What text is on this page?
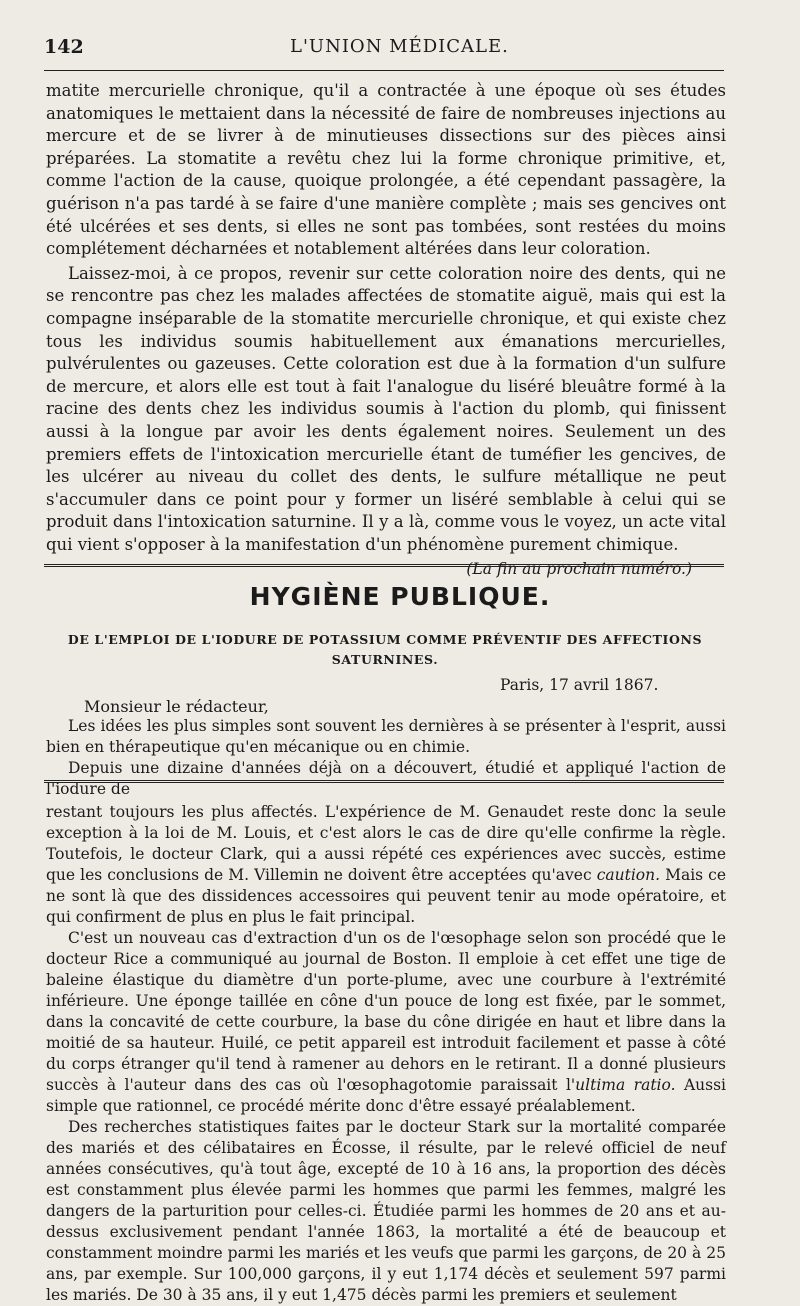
142	L'UNION MÉDICALE.

matite mercurielle chronique, qu'il a contractée à une époque où ses études anatomiques le mettaient dans la nécessité de faire de nombreuses injections au mercure et de se livrer à de minutieuses dissections sur des pièces ainsi préparées. La stomatite a revêtu chez lui la forme chronique primitive, et, comme l'action de la cause, quoique prolongée, a été cependant passagère, la guérison n'a pas tardé à se faire d'une manière complète ; mais ses gencives ont été ulcérées et ses dents, si elles ne sont pas tombées, sont restées du moins complétement décharnées et notablement altérées dans leur coloration.

Laissez-moi, à ce propos, revenir sur cette coloration noire des dents, qui ne se rencontre pas chez les malades affectées de stomatite aiguë, mais qui est la compagne inséparable de la stomatite mercurielle chronique, et qui existe chez tous les individus soumis habituellement aux émanations mercurielles, pulvérulentes ou gazeuses. Cette coloration est due à la formation d'un sulfure de mercure, et alors elle est tout à fait l'analogue du liséré bleuâtre formé à la racine des dents chez les individus soumis à l'action du plomb, qui finissent aussi à la longue par avoir les dents également noires. Seulement un des premiers effets de l'intoxication mercurielle étant de tuméfier les gencives, de les ulcérer au niveau du collet des dents, le sulfure métallique ne peut s'accumuler dans ce point pour y former un liséré semblable à celui qui se produit dans l'intoxication saturnine. Il y a là, comme vous le voyez, un acte vital qui vient s'opposer à la manifestation d'un phénomène purement chimique.

(La fin au prochain numéro.)

HYGIÈNE PUBLIQUE.
DE L'EMPLOI DE L'IODURE DE POTASSIUM COMME PRÉVENTIF DES AFFECTIONS SATURNINES.
Paris, 17 avril 1867.
Monsieur le rédacteur,

Les idées les plus simples sont souvent les dernières à se présenter à l'esprit, aussi bien en thérapeutique qu'en mécanique ou en chimie.

Depuis une dizaine d'années déjà on a découvert, étudié et appliqué l'action de l'iodure de

restant toujours les plus affectés. L'expérience de M. Genaudet reste donc la seule exception à la loi de M. Louis, et c'est alors le cas de dire qu'elle confirme la règle. Toutefois, le docteur Clark, qui a aussi répété ces expériences avec succès, estime que les conclusions de M. Villemin ne doivent être acceptées qu'avec caution. Mais ce ne sont là que des dissidences accessoires qui peuvent tenir au mode opératoire, et qui confirment de plus en plus le fait principal.

C'est un nouveau cas d'extraction d'un os de l'œsophage selon son procédé que le docteur Rice a communiqué au journal de Boston. Il emploie à cet effet une tige de baleine élastique du diamètre d'un porte-plume, avec une courbure à l'extrémité inférieure. Une éponge taillée en cône d'un pouce de long est fixée, par le sommet, dans la concavité de cette courbure, la base du cône dirigée en haut et libre dans la moitié de sa hauteur. Huilé, ce petit appareil est introduit facilement et passe à côté du corps étranger qu'il tend à ramener au dehors en le retirant. Il a donné plusieurs succès à l'auteur dans des cas où l'œsophagotomie paraissait l'ultima ratio. Aussi simple que rationnel, ce procédé mérite donc d'être essayé préalablement.

Des recherches statistiques faites par le docteur Stark sur la mortalité comparée des mariés et des célibataires en Écosse, il résulte, par le relevé officiel de neuf années consécutives, qu'à tout âge, excepté de 10 à 16 ans, la proportion des décès est constamment plus élevée parmi les hommes que parmi les femmes, malgré les dangers de la parturition pour celles-ci. Étudiée parmi les hommes de 20 ans et au-dessus exclusivement pendant l'année 1863, la mortalité a été de beaucoup et constamment moindre parmi les mariés et les veufs que parmi les garçons, de 20 à 25 ans, par exemple. Sur 100,000 garçons, il y eut 1,174 décès et seulement 597 parmi les mariés. De 30 à 35 ans, il y eut 1,475 décès parmi les premiers et seulement
